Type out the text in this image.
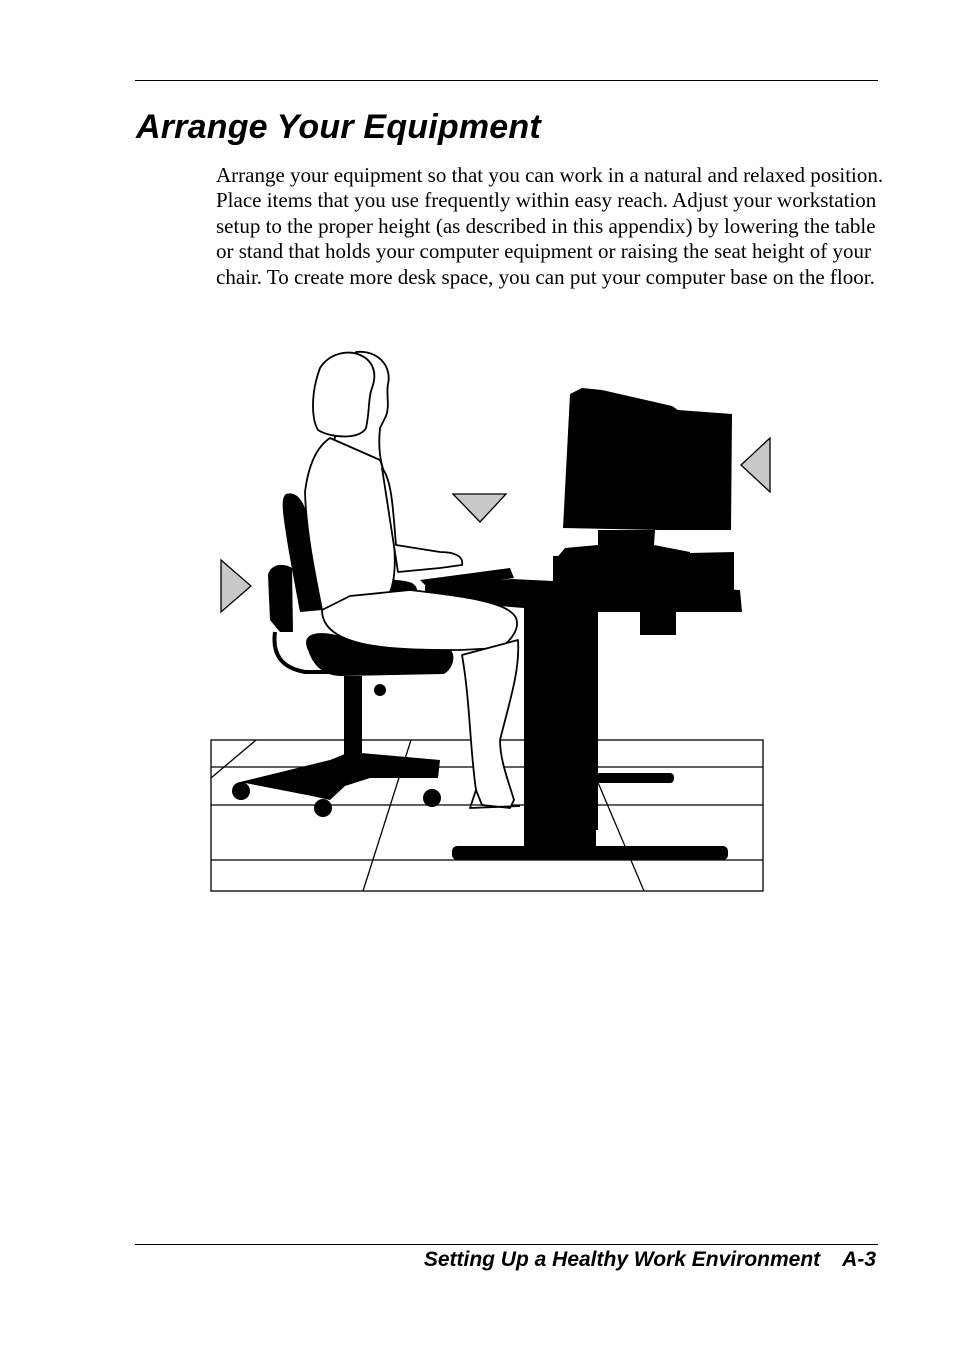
Arrange Your Equipment

Arrange your equipment so that you can work in a natural and relaxed position. Place items that you use frequently within easy reach. Adjust your workstation setup to the proper height (as described in this appendix) by lowering the table or stand that holds your computer equipment or raising the seat height of your chair. To create more desk space, you can put your computer base on the floor.

Setting Up a Healthy Work Environment A-3
